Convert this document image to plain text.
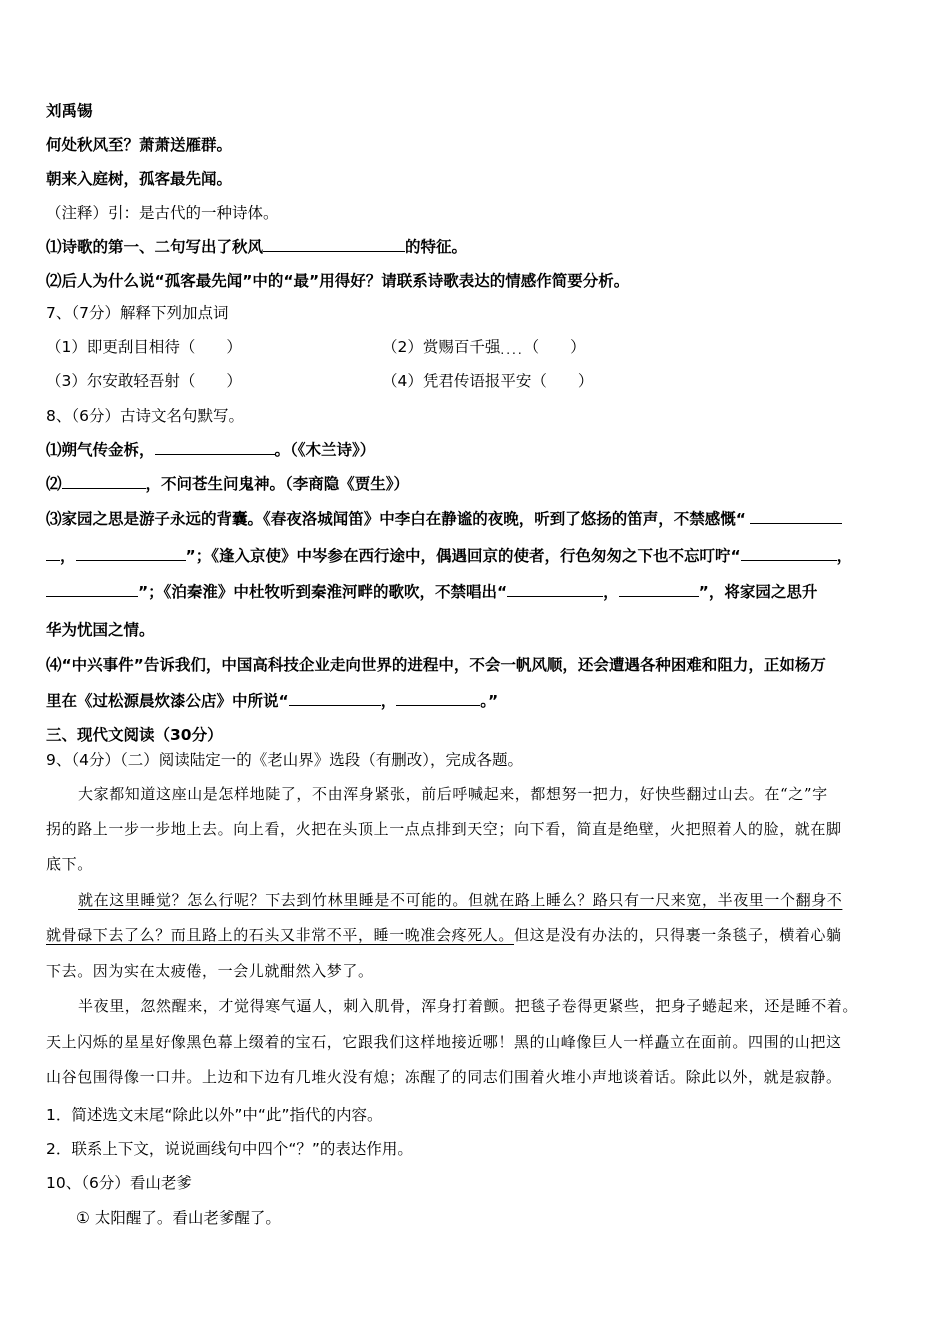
刘禹锡
何处秋风至？萧萧送雁群。
朝来入庭树，孤客最先闻。
（注释）引：是古代的一种诗体。
⑴诗歌的第一、二句写出了秋风	的特征。
⑵后人为什么说“孤客最先闻”中的“最”用得好？请联系诗歌表达的情感作简要分析。
7、（7分）解释下列加点词
（1）即更刮目相待（　　）	（2）赏赐百千强....（　　）
（3）尔安敢轻吾射（　　）	（4）凭君传语报平安（　　）
8、（6分）古诗文名句默写。
⑴朔气传金柝，	。（《木兰诗》）
⑵	，不问苍生问鬼神。（李商隐《贾生》）
⑶家园之思是游子永远的背囊。《春夜洛城闻笛》中李白在静谧的夜晚，听到了悠扬的笛声，不禁感慨“
，	”；《逢入京使》中岑参在西行途中，偶遇回京的使者，行色匆匆之下也不忘叮咛“	，
”；《泊秦淮》中杜牧听到秦淮河畔的歌吹，不禁唱出“	，	”，将家园之思升
华为忧国之情。
⑷“中兴事件”告诉我们，中国高科技企业走向世界的进程中，不会一帆风顺，还会遭遇各种困难和阻力，正如杨万
里在《过松源晨炊漆公店》中所说“	，	。”
三、现代文阅读（30分）
9、（4分）（二）阅读陆定一的《老山界》选段（有删改），完成各题。
大家都知道这座山是怎样地陡了，不由浑身紧张，前后呼喊起来，都想努一把力，好快些翻过山去。在“之”字
拐的路上一步一步地上去。向上看，火把在头顶上一点点排到天空；向下看，简直是绝壁，火把照着人的脸，就在脚
底下。
就在这里睡觉？怎么行呢？下去到竹林里睡是不可能的。但就在路上睡么？路只有一尺来宽，半夜里一个翻身不
就骨碌下去了么？而且路上的石头又非常不平，睡一晚准会疼死人。但这是没有办法的，只得裹一条毯子，横着心躺
下去。因为实在太疲倦，一会儿就酣然入梦了。
半夜里，忽然醒来，才觉得寒气逼人，刺入肌骨，浑身打着颤。把毯子卷得更紧些，把身子蜷起来，还是睡不着。
天上闪烁的星星好像黑色幕上缀着的宝石，它跟我们这样地接近哪！黑的山峰像巨人一样矗立在面前。四围的山把这
山谷包围得像一口井。上边和下边有几堆火没有熄；冻醒了的同志们围着火堆小声地谈着话。除此以外，就是寂静。
1．简述选文末尾“除此以外”中“此”指代的内容。
2．联系上下文，说说画线句中四个“？”的表达作用。
10、（6分）看山老爹
① 太阳醒了。看山老爹醒了。
